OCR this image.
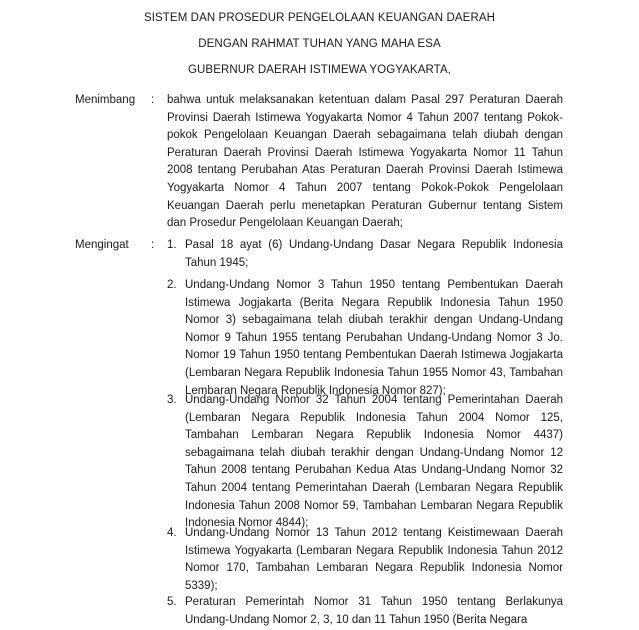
SISTEM DAN PROSEDUR PENGELOLAAN KEUANGAN DAERAH
DENGAN RAHMAT TUHAN YANG MAHA ESA
GUBERNUR DAERAH ISTIMEWA YOGYAKARTA,
Menimbang : bahwa untuk melaksanakan ketentuan dalam Pasal 297 Peraturan Daerah Provinsi Daerah Istimewa Yogyakarta Nomor 4 Tahun 2007 tentang Pokok-pokok Pengelolaan Keuangan Daerah sebagaimana telah diubah dengan Peraturan Daerah Provinsi Daerah Istimewa Yogyakarta Nomor 11 Tahun 2008 tentang Perubahan Atas Peraturan Daerah Provinsi Daerah Istimewa Yogyakarta Nomor 4 Tahun 2007 tentang Pokok-Pokok Pengelolaan Keuangan Daerah perlu menetapkan Peraturan Gubernur tentang Sistem dan Prosedur Pengelolaan Keuangan Daerah;
Mengingat : 1. Pasal 18 ayat (6) Undang-Undang Dasar Negara Republik Indonesia Tahun 1945;
2. Undang-Undang Nomor 3 Tahun 1950 tentang Pembentukan Daerah Istimewa Jogjakarta (Berita Negara Republik Indonesia Tahun 1950 Nomor 3) sebagaimana telah diubah terakhir dengan Undang-Undang Nomor 9 Tahun 1955 tentang Perubahan Undang-Undang Nomor 3 Jo. Nomor 19 Tahun 1950 tentang Pembentukan Daerah Istimewa Jogjakarta (Lembaran Negara Republik Indonesia Tahun 1955 Nomor 43, Tambahan Lembaran Negara Republik Indonesia Nomor 827);
3. Undang-Undang Nomor 32 Tahun 2004 tentang Pemerintahan Daerah (Lembaran Negara Republik Indonesia Tahun 2004 Nomor 125, Tambahan Lembaran Negara Republik Indonesia Nomor 4437) sebagaimana telah diubah terakhir dengan Undang-Undang Nomor 12 Tahun 2008 tentang Perubahan Kedua Atas Undang-Undang Nomor 32 Tahun 2004 tentang Pemerintahan Daerah (Lembaran Negara Republik Indonesia Tahun 2008 Nomor 59, Tambahan Lembaran Negara Republik Indonesia Nomor 4844);
4. Undang-Undang Nomor 13 Tahun 2012 tentang Keistimewaan Daerah Istimewa Yogyakarta (Lembaran Negara Republik Indonesia Tahun 2012 Nomor 170, Tambahan Lembaran Negara Republik Indonesia Nomor 5339);
5. Peraturan Pemerintah Nomor 31 Tahun 1950 tentang Berlakunya Undang-Undang Nomor 2, 3, 10 dan 11 Tahun 1950 (Berita Negara
